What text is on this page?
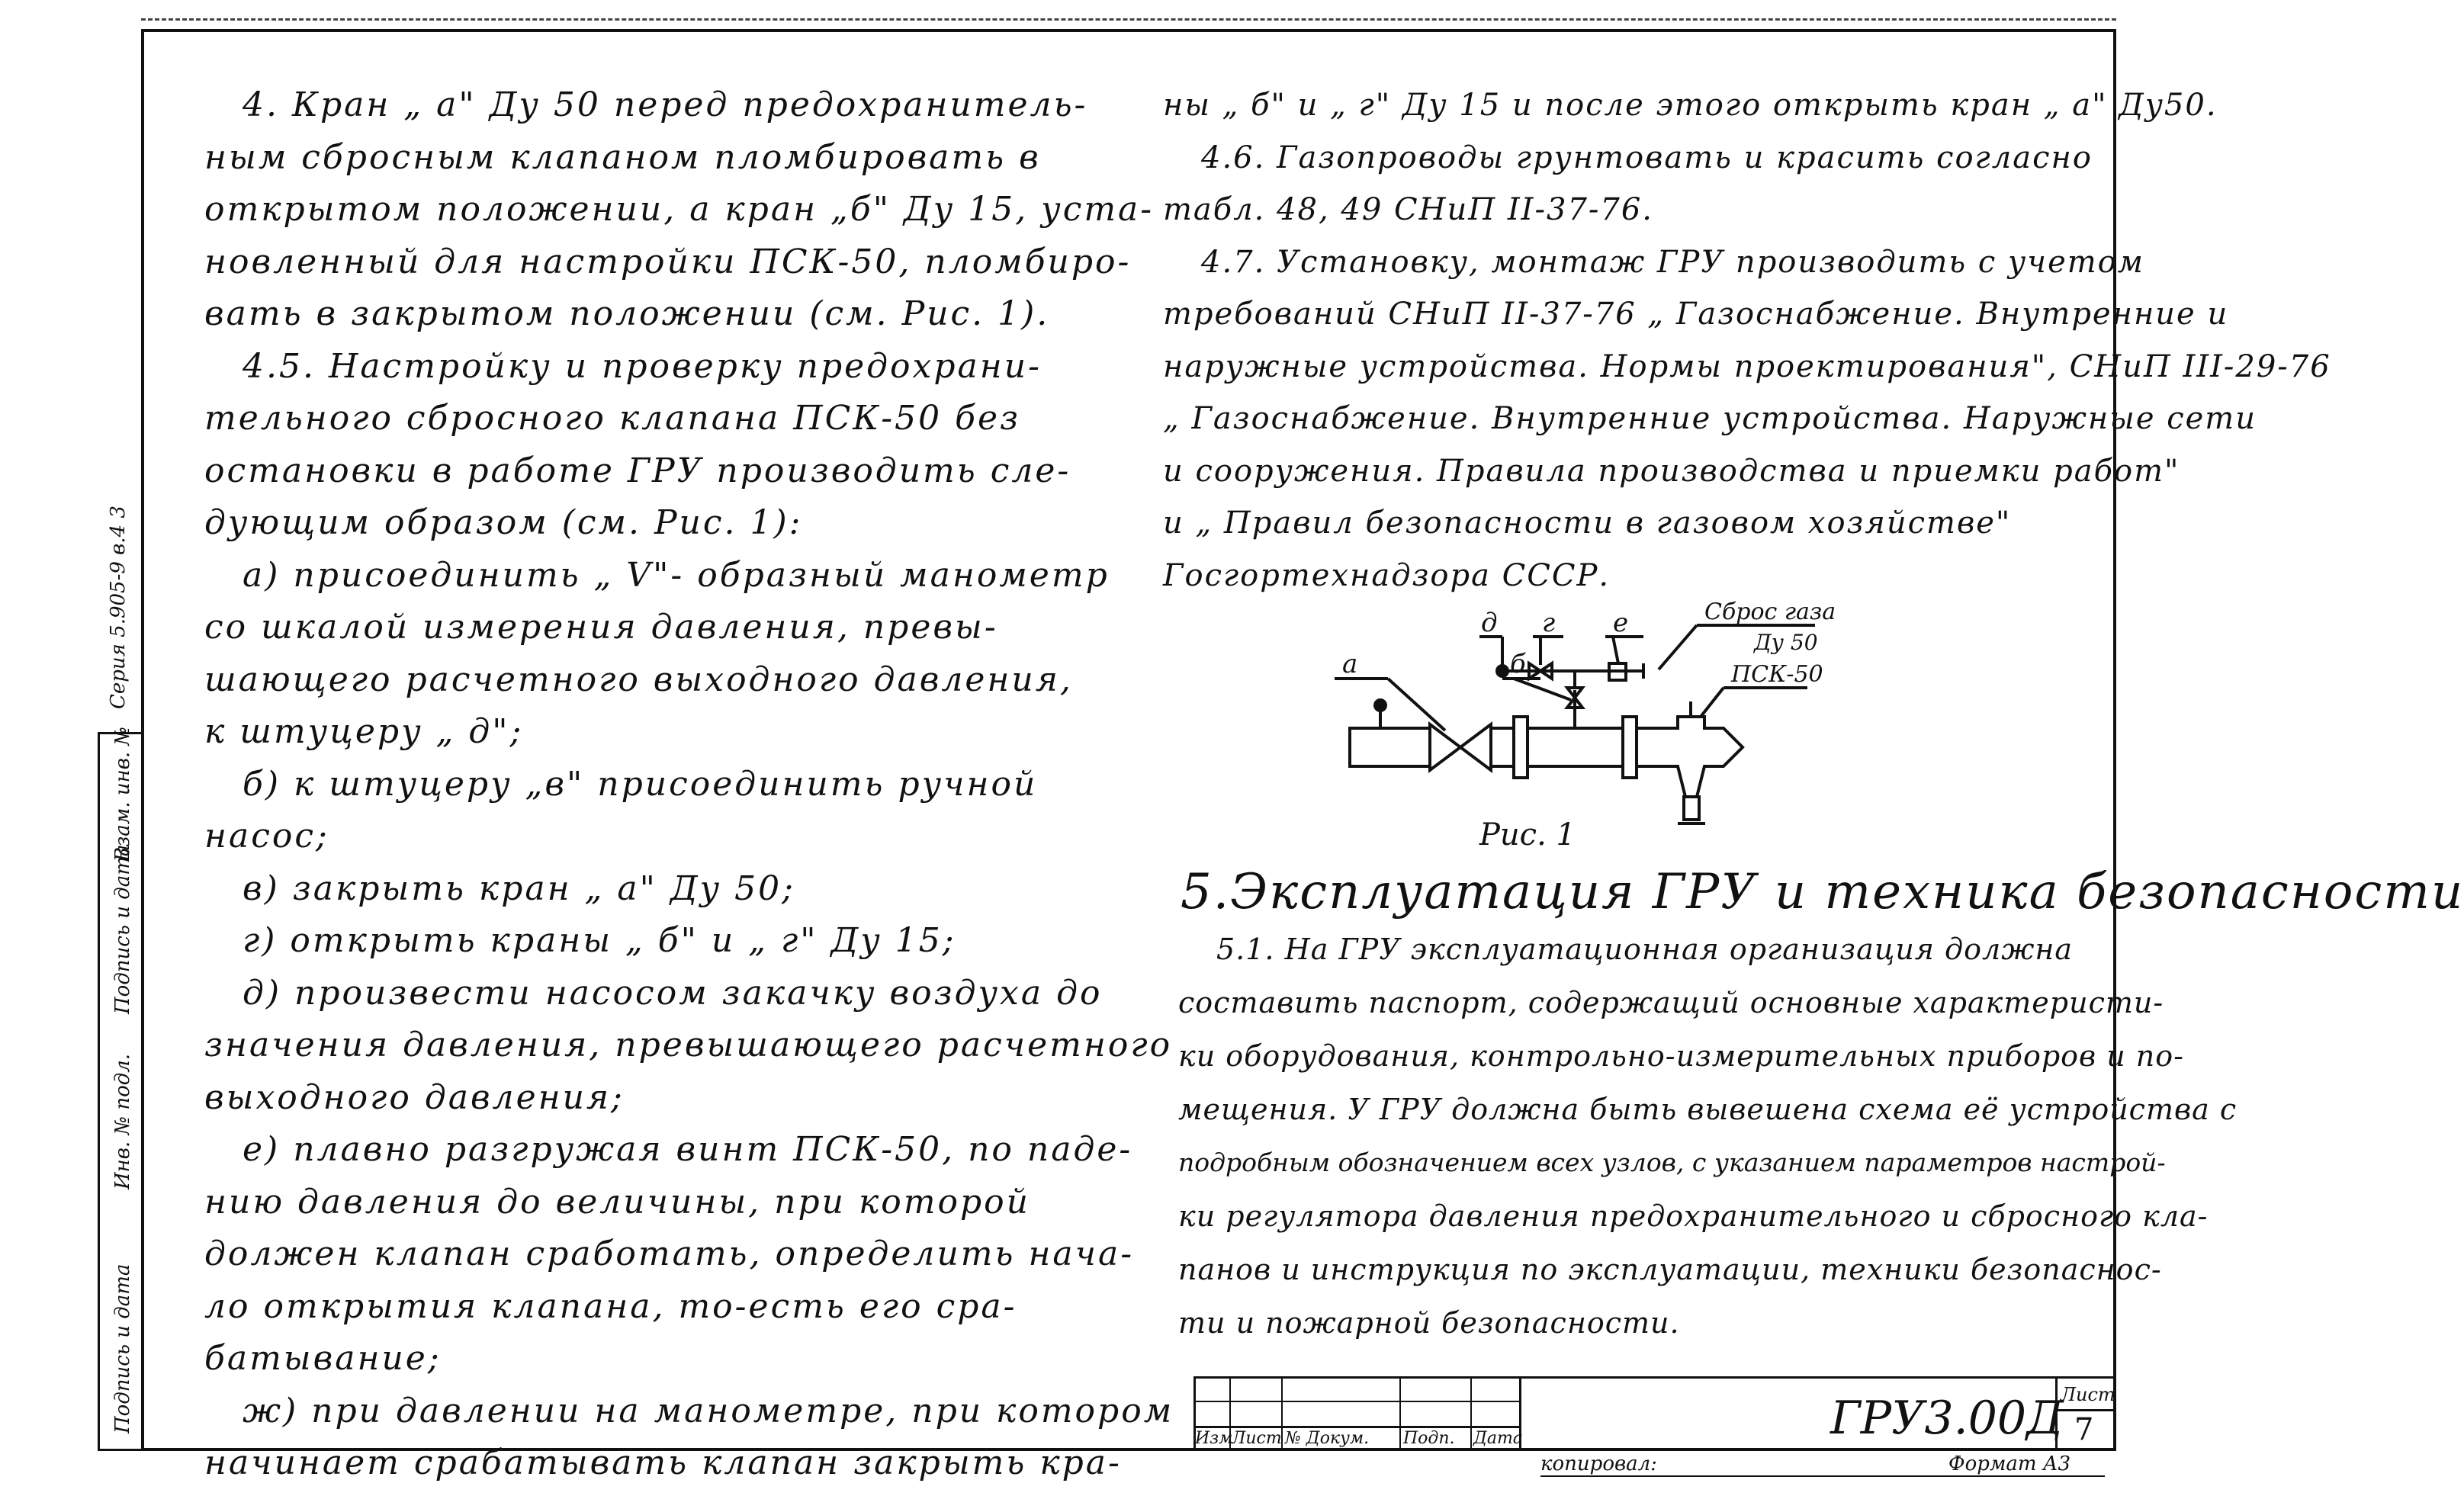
4. Кран „ а" Ду 50 перед предохранитель-

ным сбросным клапаном пломбировать в

открытом положении, а кран „б" Ду 15, уста-

новленный для настройки ПСК-50, пломбиро-

вать в закрытом положении (см. Рис. 1).

4.5. Настройку и проверку предохрани-

тельного сбросного клапана ПСК-50 без

остановки в работе ГРУ производить сле-

дующим образом (см. Рис. 1):

а) присоединить „ V"- образный манометр

со шкалой измерения давления, превы-

шающего расчетного выходного давления,

к штуцеру „ д";

б) к штуцеру „в" присоединить ручной

насос;

в) закрыть кран „ а" Ду 50;

г) открыть краны „ б" и „ г" Ду 15;

д) произвести насосом закачку воздуха до

значения давления, превышающего расчетного

выходного давления;

е) плавно разгружая винт ПСК-50, по паде-

нию давления до величины, при которой

должен клапан сработать, определить нача-

ло открытия клапана, то-есть его сра-

батывание;

ж) при давлении на манометре, при котором

начинает срабатывать клапан закрыть кра-

ны „ б" и „ г" Ду 15 и после этого открыть кран „ а" Ду50.

4.6. Газопроводы грунтовать и красить согласно

табл. 48, 49 СНиП II-37-76.

4.7. Установку, монтаж ГРУ производить с учетом

требований СНиП II-37-76 „ Газоснабжение. Внутренние и

наружные устройства. Нормы проектирования", СНиП III-29-76

„ Газоснабжение. Внутренние устройства. Наружные сети

и сооружения. Правила производства и приемки работ"

и „ Правил безопасности в газовом хозяйстве"

Госгортехнадзора СССР.

д г е
а	б
Сброс газа
Ду 50
ПСК-50
Рис. 1
5.Эксплуатация ГРУ и техника безопасности

5.1. На ГРУ эксплуатационная организация должна

составить паспорт, содержащий основные характеристи-

ки оборудования, контрольно-измерительных приборов и по-

мещения. У ГРУ должна быть вывешена схема её устройства с

подробным обозначением всех узлов, с указанием параметров настрой-

ки регулятора давления предохранительного и сбросного кла-

панов и инструкция по эксплуатации, техники безопаснос-

ти и пожарной безопасности.

Серия 5.905-9 в.4 3
Взам. инв. №
Подпись и дата
Инв. № подл.
Подпись и дата
Изм
Лист № Докум. Подп. Дата
Лист
7
ГРУ3.00Д
копировал:	Формат А3
